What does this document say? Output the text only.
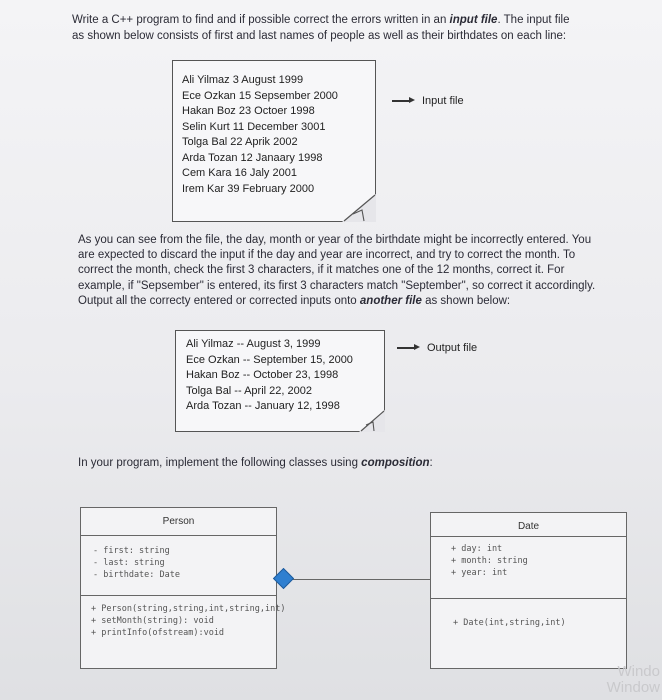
Write a C++ program to find and if possible correct the errors written in an input file. The input file
as shown below consists of first and last names of people as well as their birthdates on each line:
Ali Yilmaz 3 August 1999
Ece Ozkan 15 Sepsember 2000
Hakan Boz 23 Octoer 1998
Selin Kurt 11 December 3001
Tolga Bal 22 Aprik 2002
Arda Tozan 12 Janaary 1998
Cem Kara 16 Jaly 2001
Irem Kar 39 February 2000
Input file
As you can see from the file, the day, month or year of the birthdate might be incorrectly entered. You
are expected to discard the input if the day and year are incorrect, and try to correct the month. To
correct the month, check the first 3 characters, if it matches one of the 12 months, correct it. For
example, if "Sepsember" is entered, its first 3 characters match "September", so correct it accordingly.
Output all the correcty entered or corrected inputs onto another file as shown below:
Ali Yilmaz -- August 3, 1999
Ece Ozkan -- September 15, 2000
Hakan Boz -- October 23, 1998
Tolga Bal -- April 22, 2002
Arda Tozan -- January 12, 1998
Output file
In your program, implement the following classes using composition:
Person
- first: string
- last: string
- birthdate: Date
+ Person(string,string,int,string,int)
+ setMonth(string): void
+ printInfo(ofstream):void
Date
+ day: int
+ month: string
+ year: int
+ Date(int,string,int)
Windo
Window
